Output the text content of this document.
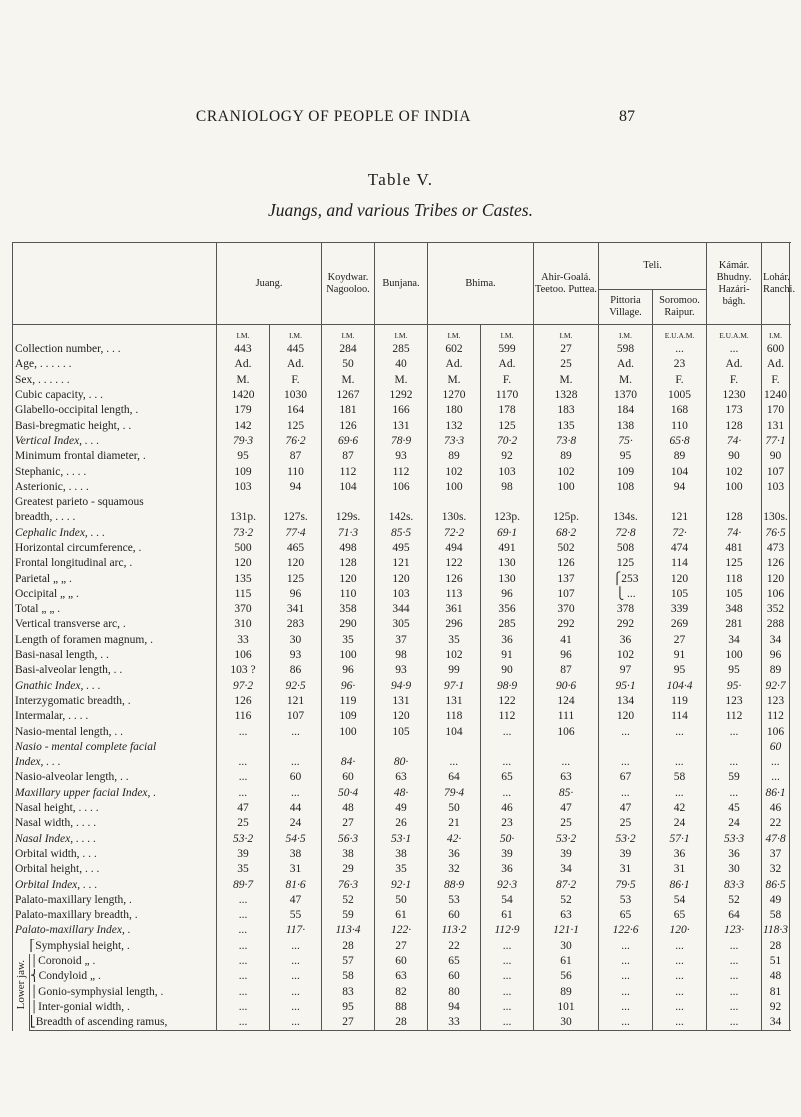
CRANIOLOGY OF PEOPLE OF INDIA	87
Table V.
Juangs, and various Tribes or Castes.
		Juang.		Koydwar. Nagooloo.	Bunjana.	Bhima.		Ahir-Goalá. Teetoo. Puttea.	Teli.		Kámár. Bhudny. Hazári-bágh.	Lohár. Ranchi.
									Pittoria Village.	Soromoo. Raipur.		
		I.M.	I.M.	I.M.	I.M.	I.M.	I.M.	I.M.	I.M.	E.U.A.M.	E.U.A.M.	I.M.
Collection number, . . .		443	445	284	285	602	599	27	598	...	...	600
Age, . . . . . .		Ad.	Ad.	50	40	Ad.	Ad.	25	Ad.	23	Ad.	Ad.
Sex, . . . . . .		M.	F.	M.	M.	M.	F.	M.	M.	F.	F.	F.
Cubic capacity, . . .		1420	1030	1267	1292	1270	1170	1328	1370	1005	1230	1240
Glabello-occipital length, .		179	164	181	166	180	178	183	184	168	173	170
Basi-bregmatic height, . .		142	125	126	131	132	125	135	138	110	128	131
Vertical Index, . . .		79·3	76·2	69·6	78·9	73·3	70·2	73·8	75·	65·8	74·	77·1
Minimum frontal diameter, .		95	87	87	93	89	92	89	95	89	90	90
Stephanic, . . . .		109	110	112	112	102	103	102	109	104	102	107
Asterionic, . . . .		103	94	104	106	100	98	100	108	94	100	103
Greatest parieto - squamous												
breadth, . . . .		131p.	127s.	129s.	142s.	130s.	123p.	125p.	134s.	121	128	130s.
Cephalic Index, . . .		73·2	77·4	71·3	85·5	72·2	69·1	68·2	72·8	72·	74·	76·5
Horizontal circumference, .		500	465	498	495	494	491	502	508	474	481	473
Frontal longitudinal arc, .		120	120	128	121	122	130	126	125	114	125	126
Parietal „ „ .		135	125	120	120	126	130	137	⎧253	120	118	120
Occipital „ „ .		115	96	110	103	113	96	107	⎩ ...	105	105	106
Total „ „ .		370	341	358	344	361	356	370	378	339	348	352
Vertical transverse arc, .		310	283	290	305	296	285	292	292	269	281	288
Length of foramen magnum, .		33	30	35	37	35	36	41	36	27	34	34
Basi-nasal length, . .		106	93	100	98	102	91	96	102	91	100	96
Basi-alveolar length, . .		103 ?	86	96	93	99	90	87	97	95	95	89
Gnathic Index, . . .		97·2	92·5	96·	94·9	97·1	98·9	90·6	95·1	104·4	95·	92·7
Interzygomatic breadth, .		126	121	119	131	131	122	124	134	119	123	123
Intermalar, . . . .		116	107	109	120	118	112	111	120	114	112	112
Nasio-mental length, . .		...	...	100	105	104	...	106	...	...	...	106
Nasio - mental complete facial												60
Index, . . .		...	...	84·	80·	...	...	...	...	...	...	...
Nasio-alveolar length, . .		...	60	60	63	64	65	63	67	58	59	...
Maxillary upper facial Index, .		...	...	50·4	48·	79·4	...	85·	...	...	...	86·1
Nasal height, . . . .		47	44	48	49	50	46	47	47	42	45	46
Nasal width, . . . .		25	24	27	26	21	23	25	25	24	24	22
Nasal Index, . . . .		53·2	54·5	56·3	53·1	42·	50·	53·2	53·2	57·1	53·3	47·8
Orbital width, . . .		39	38	38	38	36	39	39	39	36	36	37
Orbital height, . . .		35	31	29	35	32	36	34	31	31	30	32
Orbital Index, . . .		89·7	81·6	76·3	92·1	88·9	92·3	87·2	79·5	86·1	83·3	86·5
Palato-maxillary length, .		...	47	52	50	53	54	52	53	54	52	49
Palato-maxillary breadth, .		...	55	59	61	60	61	63	65	65	64	58
Palato-maxillary Index, .		...	117·	113·4	122·	113·2	112·9	121·1	122·6	120·	123·	118·3

Lower jaw.	⎡Symphysial height, .	...	...	28	27	22	...	30	...	...	...	28
	│Coronoid „ .	...	...	57	60	65	...	61	...	...	...	51
	⎨Condyloid „ .	...	...	58	63	60	...	56	...	...	...	48
	│Gonio-symphysial length, .	...	...	83	82	80	...	89	...	...	...	81
	│Inter-gonial width, .	...	...	95	88	94	...	101	...	...	...	92
	⎣Breadth of ascending ramus,	...	...	27	28	33	...	30	...	...	...	34
